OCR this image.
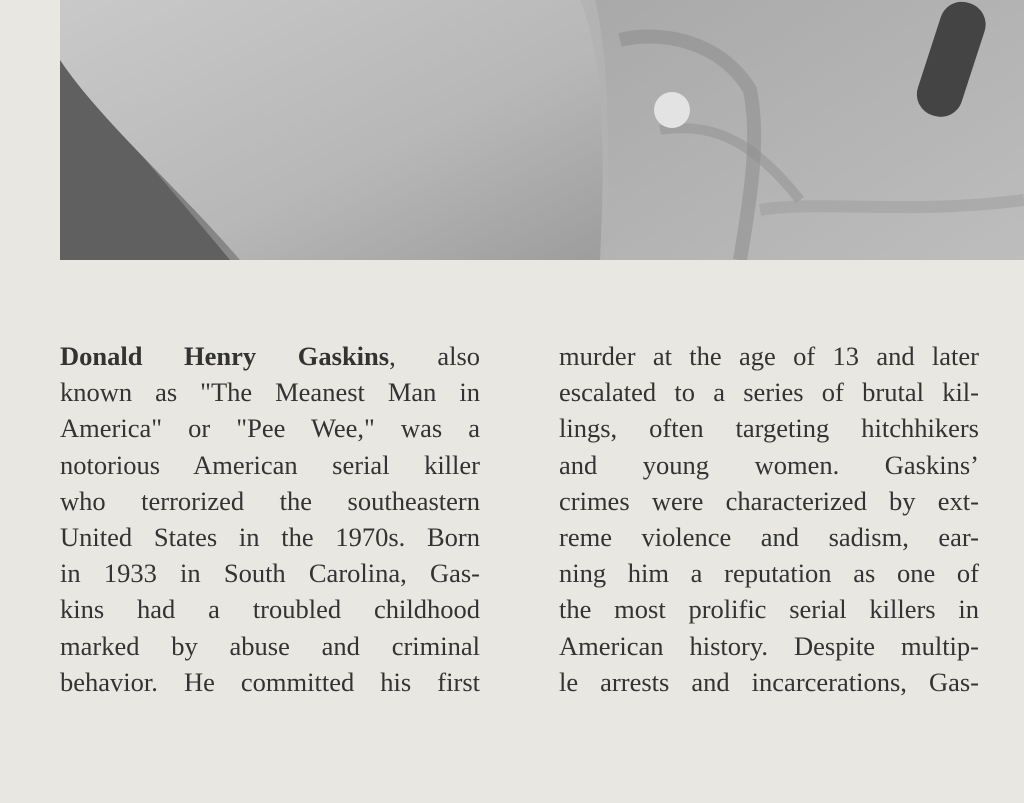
Donald Henry Gaskins, also
known as "The Meanest Man in
America" or "Pee Wee," was a
notorious American serial killer
who terrorized the southeastern
United States in the 1970s. Born
in 1933 in South Carolina, Gas-
kins had a troubled childhood
marked by abuse and criminal
behavior. He committed his first
murder at the age of 13 and later
escalated to a series of brutal kil-
lings, often targeting hitchhikers
and young women. Gaskins’
crimes were characterized by ext-
reme violence and sadism, ear-
ning him a reputation as one of
the most prolific serial killers in
American history. Despite multip-
le arrests and incarcerations, Gas-
